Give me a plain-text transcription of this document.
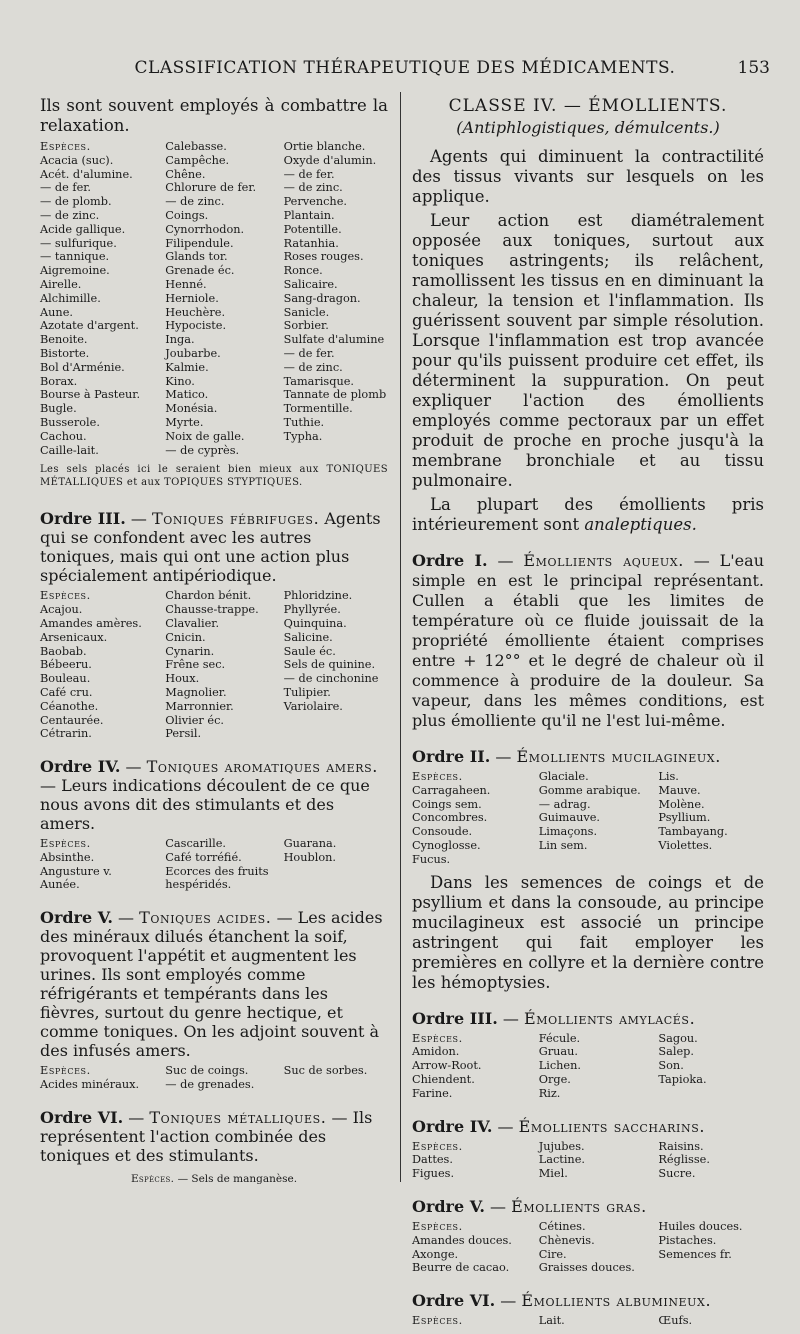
CLASSIFICATION THÉRAPEUTIQUE DES MÉDICAMENTS.	153

Ils sont souvent employés à combattre la relaxation.

Espèces.	Calebasse.	Ortie blanche.
Acacia (suc).	Campêche.	Oxyde d'alumin.
Acét. d'alumine.	Chêne.	— de fer.
— de fer.	Chlorure de fer.	— de zinc.
— de plomb.	— de zinc.	Pervenche.
— de zinc.	Coings.	Plantain.
Acide gallique.	Cynorrhodon.	Potentille.
— sulfurique.	Filipendule.	Ratanhia.
— tannique.	Glands tor.	Roses rouges.
Aigremoine.	Grenade éc.	Ronce.
Airelle.	Henné.	Salicaire.
Alchimille.	Herniole.	Sang-dragon.
Aune.	Heuchère.	Sanicle.
Azotate d'argent.	Hypociste.	Sorbier.
Benoite.	Inga.	Sulfate d'alumine
Bistorte.	Joubarbe.	— de fer.
Bol d'Arménie.	Kalmie.	— de zinc.
Borax.	Kino.	Tamarisque.
Bourse à Pasteur.	Matico.	Tannate de plomb
Bugle.	Monésia.	Tormentille.
Busserole.	Myrte.	Tuthie.
Cachou.	Noix de galle.	Typha.
Caille-lait.	— de cyprès.	

Les sels placés ici le seraient bien mieux aux TONIQUES MÉTALLIQUES et aux TOPIQUES STYPTIQUES.

Ordre III. — Toniques fébrifuges. Agents qui se confondent avec les autres toniques, mais qui ont une action plus spécialement antipériodique.
Espèces.	Chardon bénit.	Phloridzine.
Acajou.	Chausse-trappe.	Phyllyrée.
Amandes amères.	Clavalier.	Quinquina.
Arsenicaux.	Cnicin.	Salicine.
Baobab.	Cynarin.	Saule éc.
Bébeeru.	Frêne sec.	Sels de quinine.
Bouleau.	Houx.	— de cinchonine
Café cru.	Magnolier.	Tulipier.
Céanothe.	Marronnier.	Variolaire.
Centaurée.	Olivier éc.	
Cétrarin.	Persil.	
Ordre IV. — Toniques aromatiques amers. — Leurs indications découlent de ce que nous avons dit des stimulants et des amers.
Espèces.	Cascarille.	Guarana.
Absinthe.	Café torréfié.	Houblon.
Angusture v.	Ecorces des fruits	
Aunée.	hespéridés.	
Ordre V. — Toniques acides. — Les acides des minéraux dilués étanchent la soif, provoquent l'appétit et augmentent les urines. Ils sont employés comme réfrigérants et tempérants dans les fièvres, surtout du genre hectique, et comme toniques. On les adjoint souvent à des infusés amers.
Espèces.	Suc de coings.	Suc de sorbes.
Acides minéraux.	— de grenades.	
Ordre VI. — Toniques métalliques. — Ils représentent l'action combinée des toniques et des stimulants.
Espèces. — Sels de manganèse.

CLASSE IV. — ÉMOLLIENTS.

(Antiphlogistiques, démulcents.)

Agents qui diminuent la contractilité des tissus vivants sur lesquels on les applique.

Leur action est diamétralement opposée aux toniques, surtout aux toniques astringents; ils relâchent, ramollissent les tissus en en diminuant la chaleur, la tension et l'inflammation. Ils guérissent souvent par simple résolution. Lorsque l'inflammation est trop avancée pour qu'ils puissent produire cet effet, ils déterminent la suppuration. On peut expliquer l'action des émollients employés comme pectoraux par un effet produit de proche en proche jusqu'à la membrane bronchiale et au tissu pulmonaire.

La plupart des émollients pris intérieurement sont analeptiques.

Ordre I. — Émollients aqueux. — L'eau simple en est le principal représentant. Cullen a établi que les limites de température où ce fluide jouissait de la propriété émolliente étaient comprises entre + 12°° et le degré de chaleur où il commence à produire de la douleur. Sa vapeur, dans les mêmes conditions, est plus émolliente qu'il ne l'est lui-même.
Ordre II. — Émollients mucilagineux.
Espèces.	Glaciale.	Lis.
Carragaheen.	Gomme arabique.	Mauve.
Coings sem.	— adrag.	Molène.
Concombres.	Guimauve.	Psyllium.
Consoude.	Limaçons.	Tambayang.
Cynoglosse.	Lin sem.	Violettes.
Fucus.		

Dans les semences de coings et de psyllium et dans la consoude, au principe mucilagineux est associé un principe astringent qui fait employer les premières en collyre et la dernière contre les hémoptysies.

Ordre III. — Émollients amylacés.
Espèces.	Fécule.	Sagou.
Amidon.	Gruau.	Salep.
Arrow-Root.	Lichen.	Son.
Chiendent.	Orge.	Tapioka.
Farine.	Riz.	
Ordre IV. — Émollients saccharins.
Espèces.	Jujubes.	Raisins.
Dattes.	Lactine.	Réglisse.
Figues.	Miel.	Sucre.
Ordre V. — Émollients gras.
Espèces.	Cétines.	Huiles douces.
Amandes douces.	Chènevis.	Pistaches.
Axonge.	Cire.	Semences fr.
Beurre de cacao.	Graisses douces.	
Ordre VI. — Émollients albumineux.
Espèces.	Lait.	Œufs.
